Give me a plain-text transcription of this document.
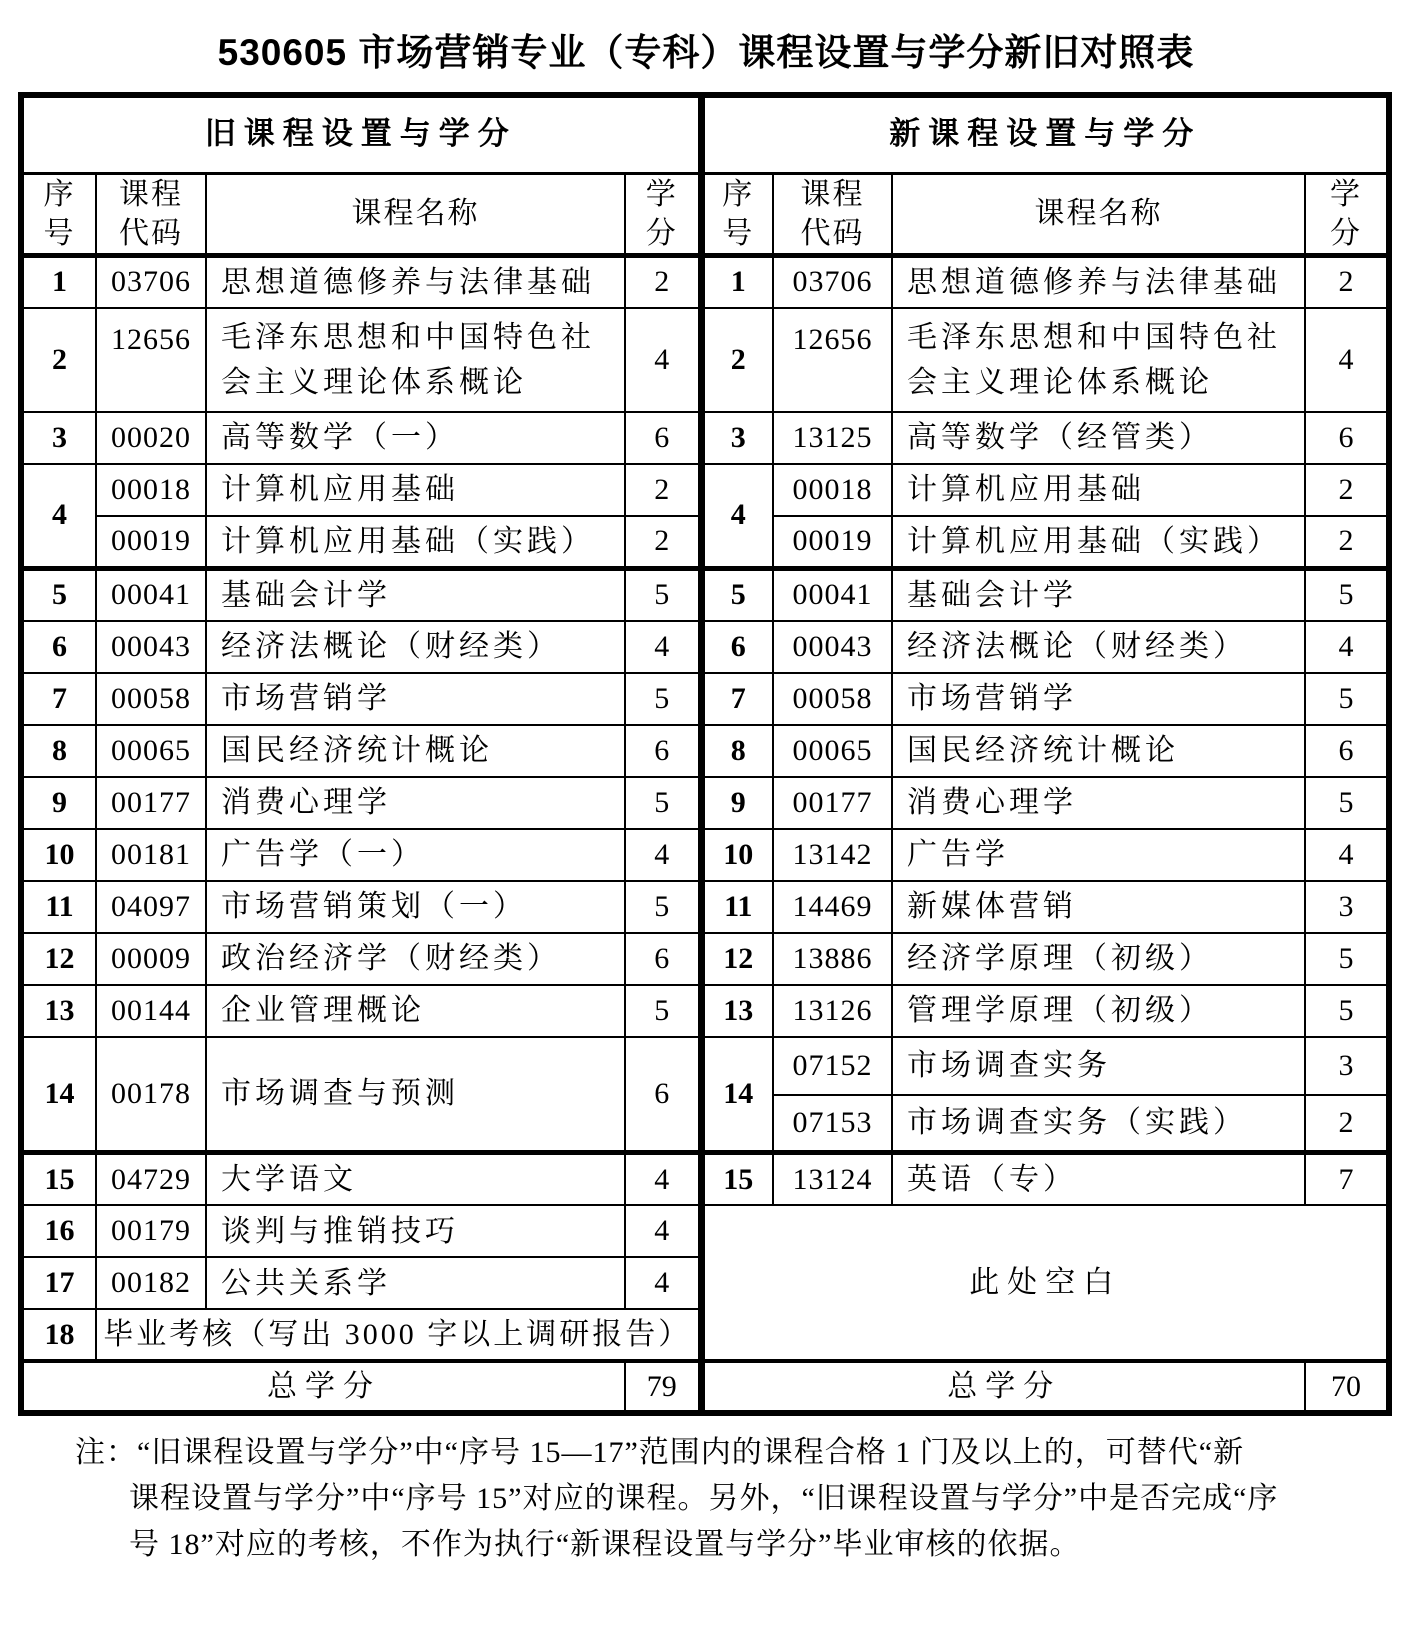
530605 市场营销专业（专科）课程设置与学分新旧对照表
旧课程设置与学分				新课程设置与学分			
序号	课程代码	课程名称	学分	序号	课程代码	课程名称	学分
1	03706	思想道德修养与法律基础	2	1	03706	思想道德修养与法律基础	2
2	12656	毛泽东思想和中国特色社会主义理论体系概论	4	2	12656	毛泽东思想和中国特色社会主义理论体系概论	4
3	00020	高等数学（一）	6	3	13125	高等数学（经管类）	6
4	00018	计算机应用基础	2	4	00018	计算机应用基础	2
	00019	计算机应用基础（实践）	2		00019	计算机应用基础（实践）	2
5	00041	基础会计学	5	5	00041	基础会计学	5
6	00043	经济法概论（财经类）	4	6	00043	经济法概论（财经类）	4
7	00058	市场营销学	5	7	00058	市场营销学	5
8	00065	国民经济统计概论	6	8	00065	国民经济统计概论	6
9	00177	消费心理学	5	9	00177	消费心理学	5
10	00181	广告学（一）	4	10	13142	广告学	4
11	04097	市场营销策划（一）	5	11	14469	新媒体营销	3
12	00009	政治经济学（财经类）	6	12	13886	经济学原理（初级）	5
13	00144	企业管理概论	5	13	13126	管理学原理（初级）	5
14	00178	市场调查与预测	6	14	07152	市场调查实务	3
					07153	市场调查实务（实践）	2
15	04729	大学语文	4	15	13124	英语（专）	7
16	00179	谈判与推销技巧	4	此处空白			
17	00182	公共关系学	4				
18	毕业考核（写出 3000 字以上调研报告）						
总学分			79	总学分			70
注：“旧课程设置与学分”中“序号 15—17”范围内的课程合格 1 门及以上的，可替代“新
课程设置与学分”中“序号 15”对应的课程。另外，“旧课程设置与学分”中是否完成“序
号 18”对应的考核，不作为执行“新课程设置与学分”毕业审核的依据。
